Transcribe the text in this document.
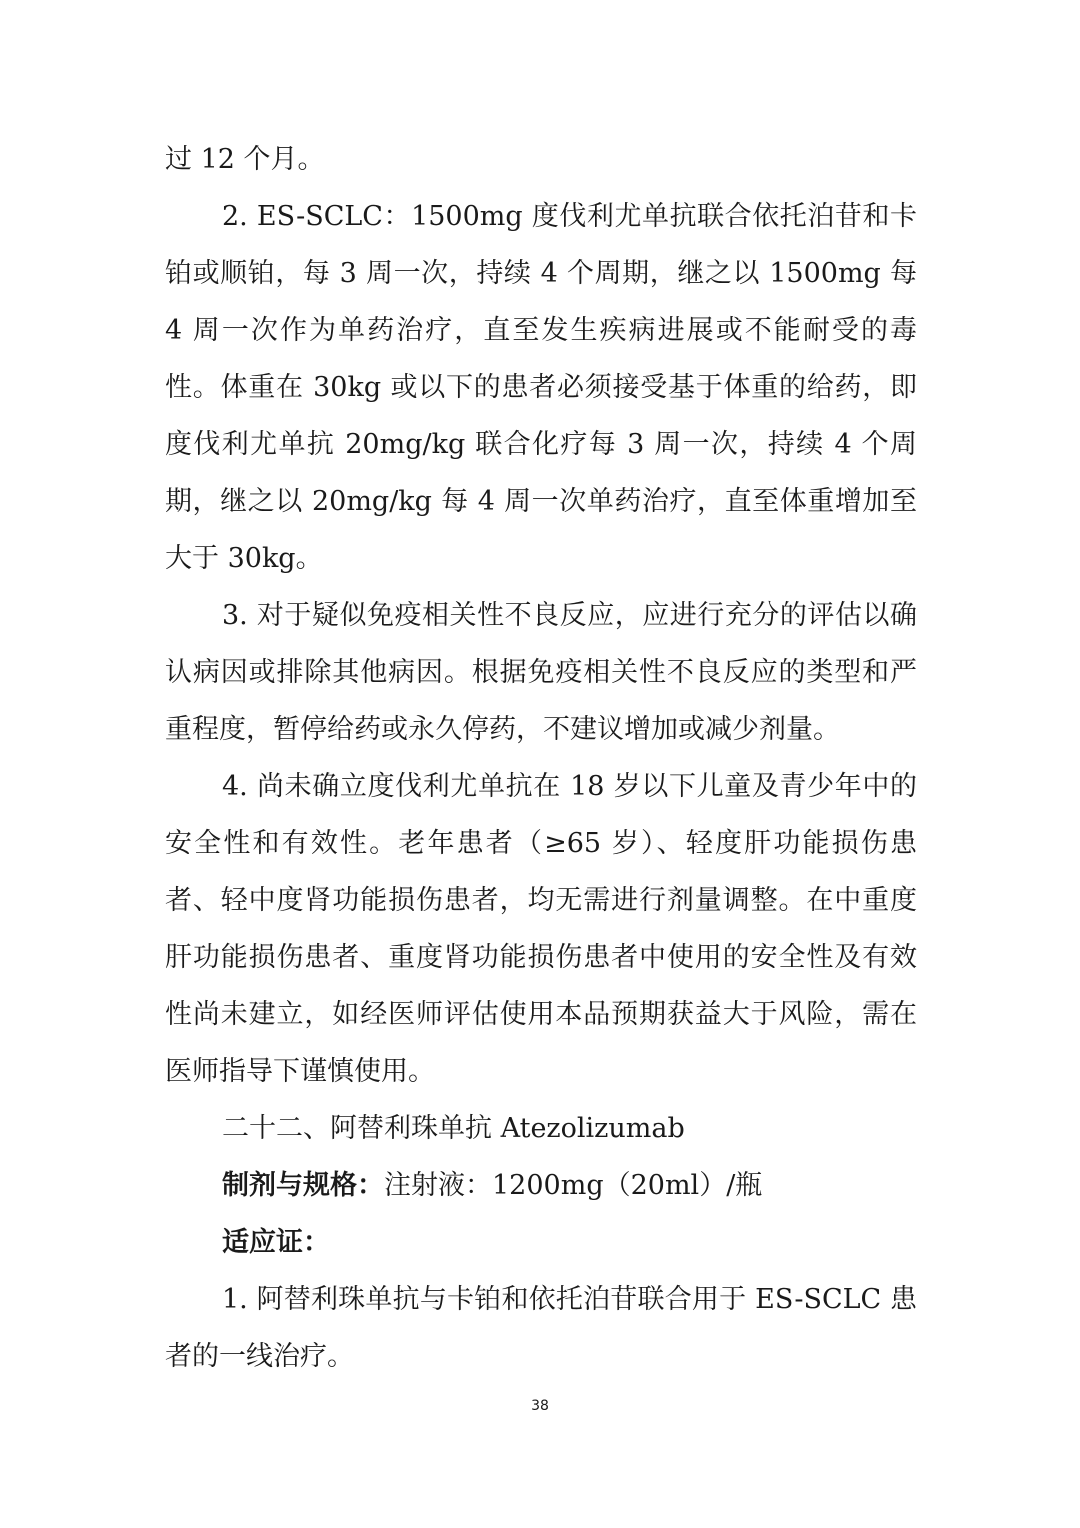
过 12 个月。

2. ES-SCLC：1500mg 度伐利尤单抗联合依托泊苷和卡铂或顺铂，每 3 周一次，持续 4 个周期，继之以 1500mg 每 4 周一次作为单药治疗，直至发生疾病进展或不能耐受的毒性。体重在 30kg 或以下的患者必须接受基于体重的给药，即度伐利尤单抗 20mg/kg 联合化疗每 3 周一次，持续 4 个周期，继之以 20mg/kg 每 4 周一次单药治疗，直至体重增加至大于 30kg。

3. 对于疑似免疫相关性不良反应，应进行充分的评估以确认病因或排除其他病因。根据免疫相关性不良反应的类型和严重程度，暂停给药或永久停药，不建议增加或减少剂量。

4. 尚未确立度伐利尤单抗在 18 岁以下儿童及青少年中的安全性和有效性。老年患者（≥65 岁）、轻度肝功能损伤患者、轻中度肾功能损伤患者，均无需进行剂量调整。在中重度肝功能损伤患者、重度肾功能损伤患者中使用的安全性及有效性尚未建立，如经医师评估使用本品预期获益大于风险，需在医师指导下谨慎使用。

二十二、阿替利珠单抗 Atezolizumab

制剂与规格：注射液：1200mg（20ml）/瓶

适应证：

1. 阿替利珠单抗与卡铂和依托泊苷联合用于 ES-SCLC 患者的一线治疗。

38
